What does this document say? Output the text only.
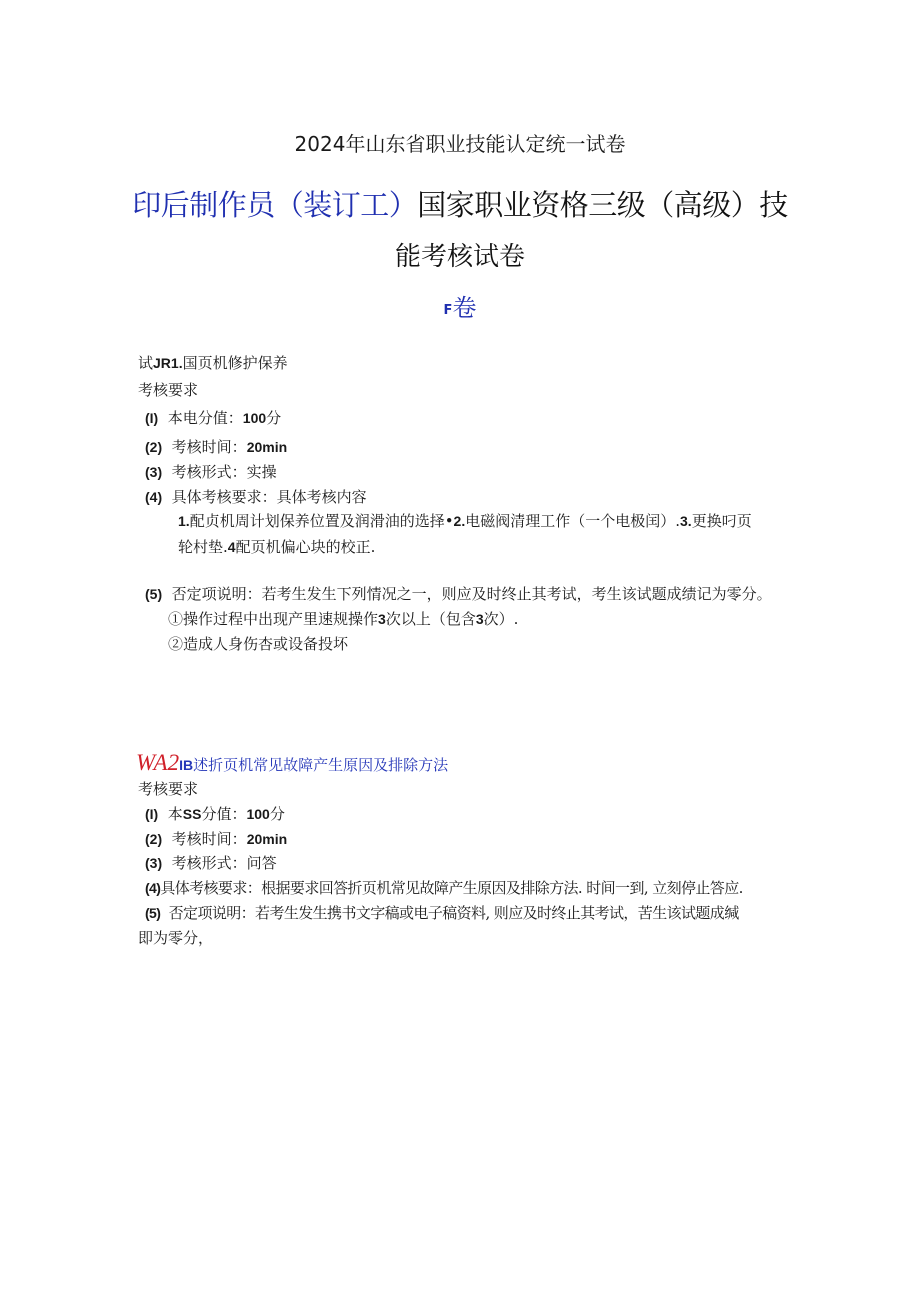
2024年山东省职业技能认定统一试卷
印后制作员（装订工）国家职业资格三级（高级）技
能考核试卷
F卷
试JR1.国页机修护保养
考核要求
(I) 本电分值：100分
(2) 考核时间：20min
(3) 考核形式：实操
(4) 具体考核要求：具体考核内容
1.配贞机周计划保养位置及润滑油的选择•2.电磁阀清理工作（一个电极闰）.3.更换叼页
轮村垫.4配页机偏心块的校正.
(5) 否定项说明：若考生发生下列情况之一，则应及时终止其考试，考生该试题成绩记为零分。
①操作过程中出现产里速规操作3次以上（包含3次）.
②造成人身伤杏或设备投坏
WA2IB述折页机常见故障产生原因及排除方法
考核要求
(I) 本SS分值：100分
(2) 考核时间：20min
(3) 考核形式：问答
(4)具体考核要求：根据要求回答折页机常见故障产生原因及排除方法. 时间一到, 立刻停止答应.
(5) 否定项说明：若考生发生携书文字稿或电子稿资料, 则应及时终止其考试，苦生该试题成缄
即为零分，
